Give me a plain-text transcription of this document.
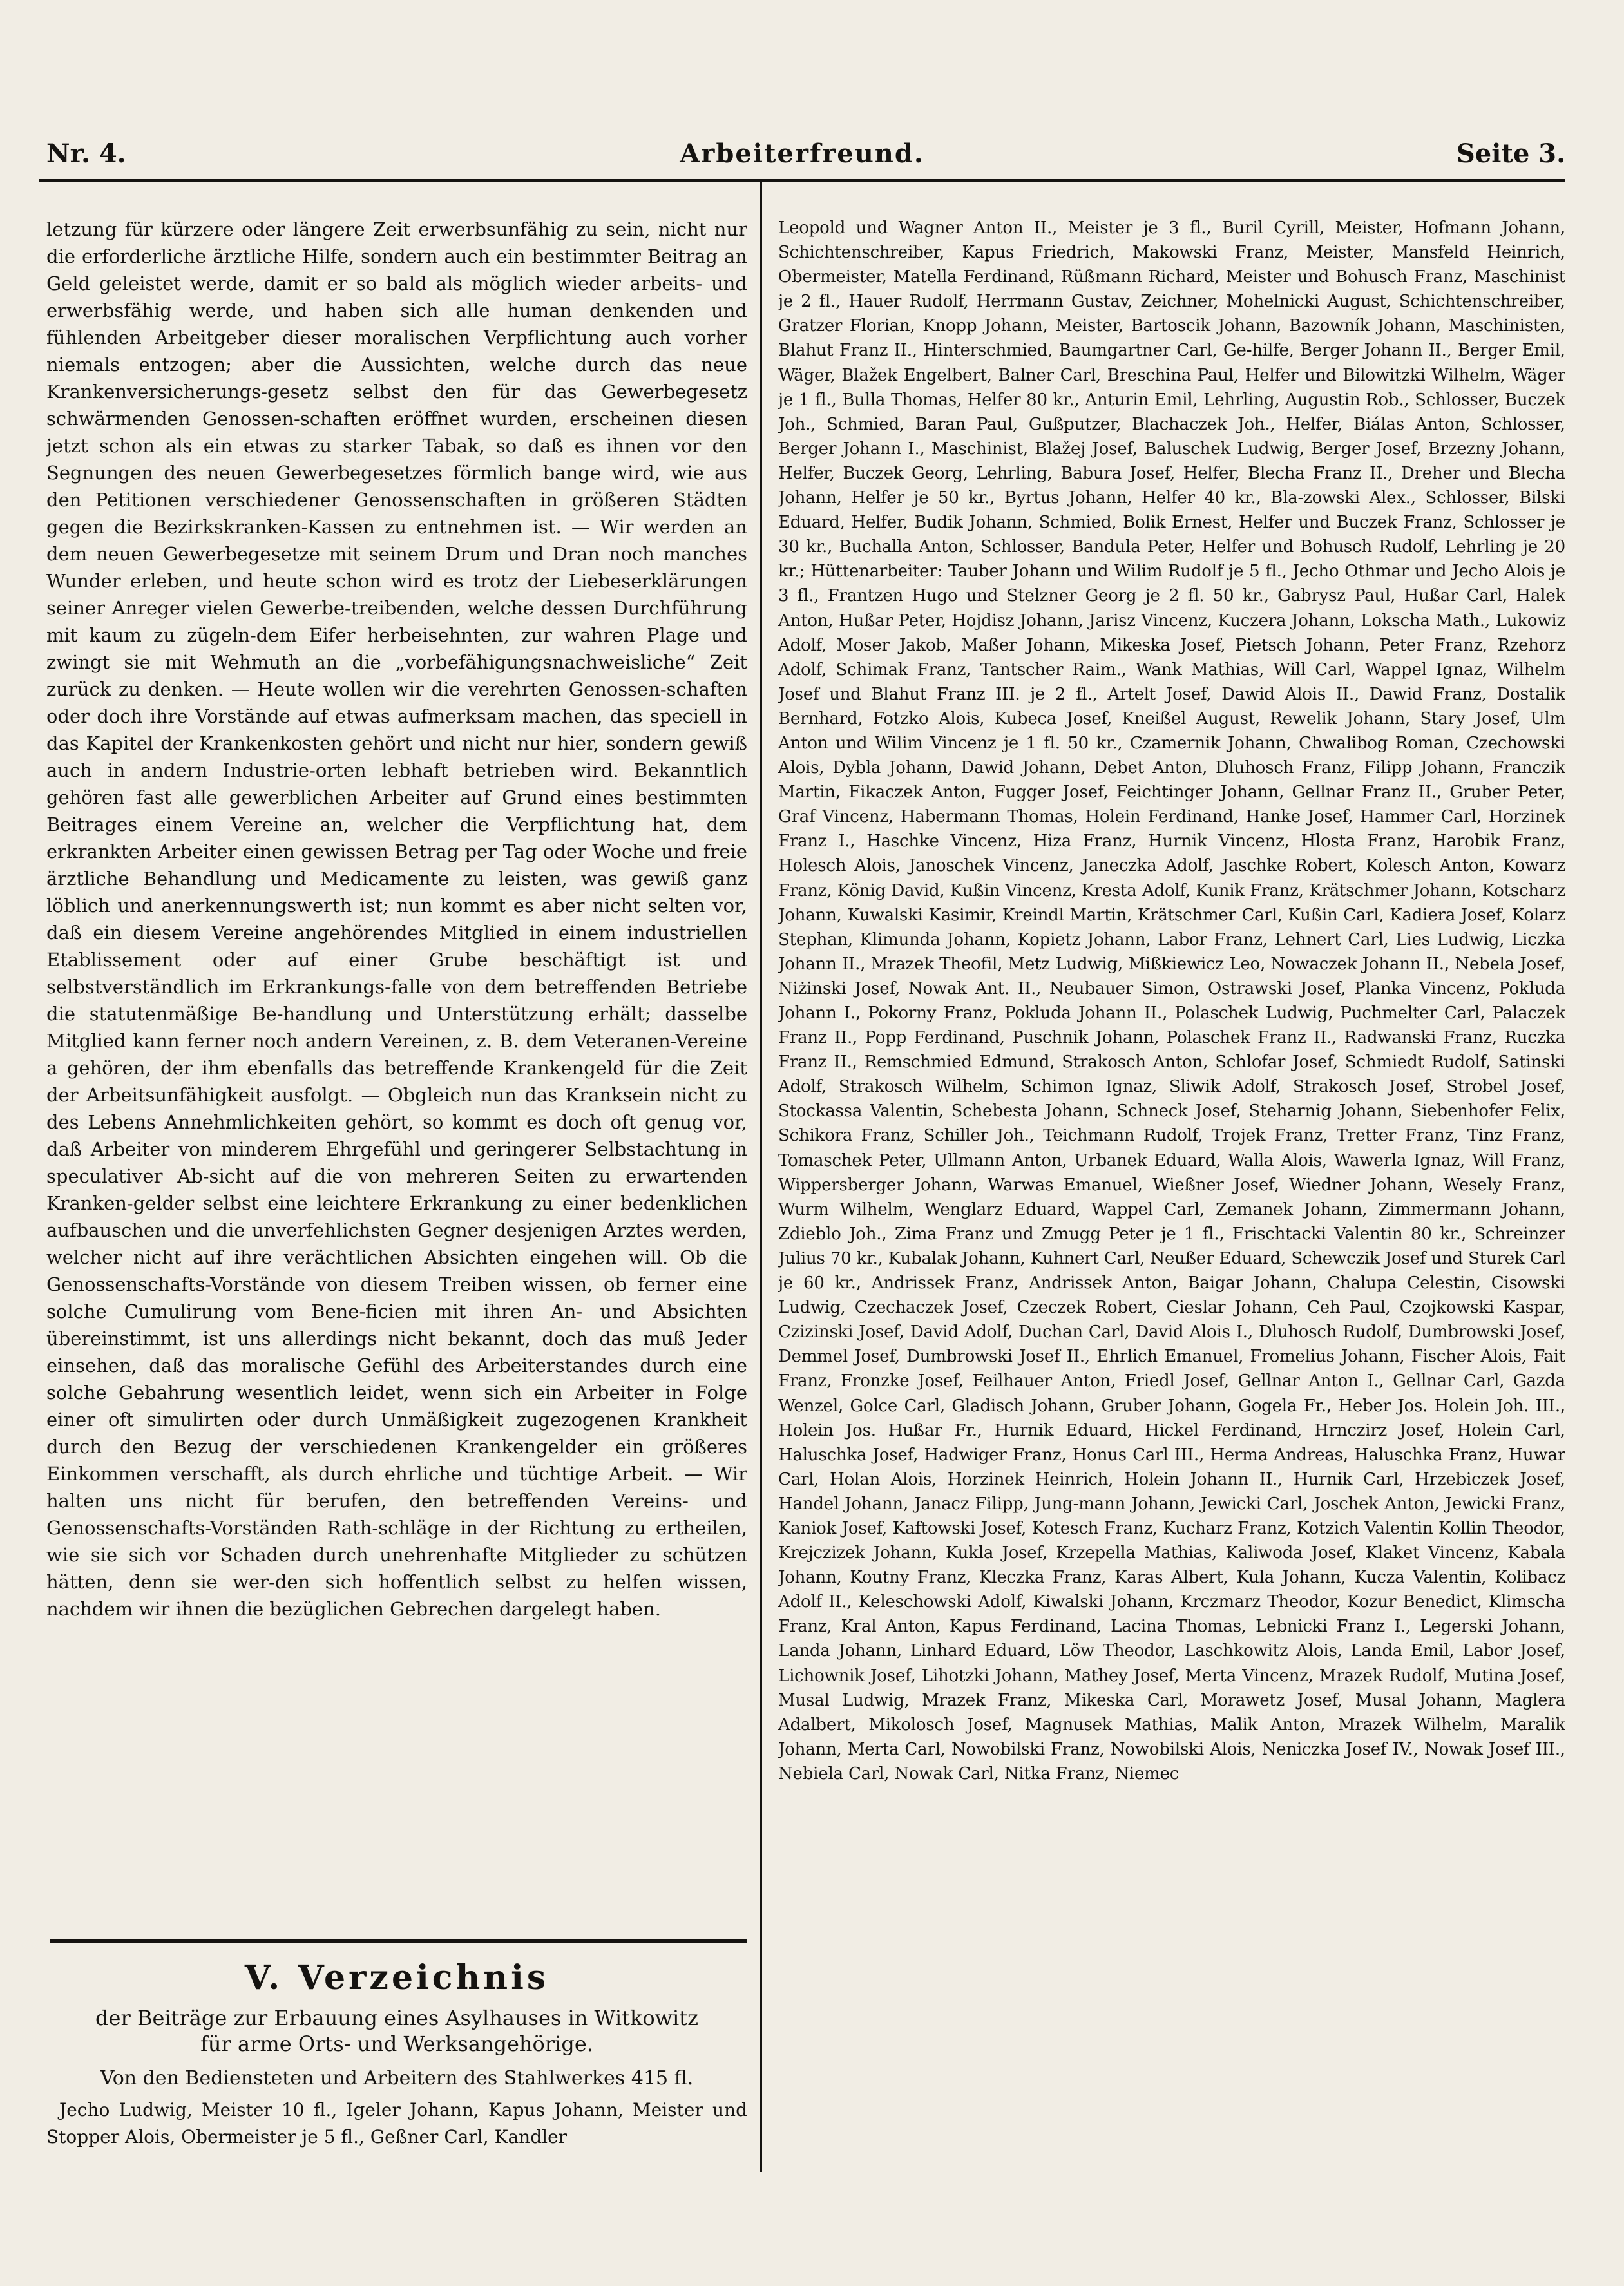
Nr. 4.	Arbeiterfreund.	Seite 3.

letzung für kürzere oder längere Zeit erwerbsunfähig zu sein, nicht nur die erforderliche ärztliche Hilfe, sondern auch ein bestimmter Beitrag an Geld geleistet werde, damit er so bald als möglich wieder arbeits- und erwerbsfähig werde, und haben sich alle human denkenden und fühlenden Arbeitgeber dieser moralischen Verpflichtung auch vorher niemals entzogen; aber die Aussichten, welche durch das neue Krankenversicherungs-gesetz selbst den für das Gewerbegesetz schwärmenden Genossen-schaften eröffnet wurden, erscheinen diesen jetzt schon als ein etwas zu starker Tabak, so daß es ihnen vor den Segnungen des neuen Gewerbegesetzes förmlich bange wird, wie aus den Petitionen verschiedener Genossenschaften in größeren Städten gegen die Bezirkskranken-Kassen zu entnehmen ist. — Wir werden an dem neuen Gewerbegesetze mit seinem Drum und Dran noch manches Wunder erleben, und heute schon wird es trotz der Liebeserklärungen seiner Anreger vielen Gewerbe-treibenden, welche dessen Durchführung mit kaum zu zügeln-dem Eifer herbeisehnten, zur wahren Plage und zwingt sie mit Wehmuth an die „vorbefähigungsnachweisliche“ Zeit zurück zu denken. — Heute wollen wir die verehrten Genossen-schaften oder doch ihre Vorstände auf etwas aufmerksam machen, das speciell in das Kapitel der Krankenkosten gehört und nicht nur hier, sondern gewiß auch in andern Industrie-orten lebhaft betrieben wird. Bekanntlich gehören fast alle gewerblichen Arbeiter auf Grund eines bestimmten Beitrages einem Vereine an, welcher die Verpflichtung hat, dem erkrankten Arbeiter einen gewissen Betrag per Tag oder Woche und freie ärztliche Behandlung und Medicamente zu leisten, was gewiß ganz löblich und anerkennungswerth ist; nun kommt es aber nicht selten vor, daß ein diesem Vereine angehörendes Mitglied in einem industriellen Etablissement oder auf einer Grube beschäftigt ist und selbstverständlich im Erkrankungs-falle von dem betreffenden Betriebe die statutenmäßige Be-handlung und Unterstützung erhält; dasselbe Mitglied kann ferner noch andern Vereinen, z. B. dem Veteranen-Vereine a gehören, der ihm ebenfalls das betreffende Krankengeld für die Zeit der Arbeitsunfähigkeit ausfolgt. — Obgleich nun das Kranksein nicht zu des Lebens Annehmlichkeiten gehört, so kommt es doch oft genug vor, daß Arbeiter von minderem Ehrgefühl und geringerer Selbstachtung in speculativer Ab-sicht auf die von mehreren Seiten zu erwartenden Kranken-gelder selbst eine leichtere Erkrankung zu einer bedenklichen aufbauschen und die unverfehlichsten Gegner desjenigen Arztes werden, welcher nicht auf ihre verächtlichen Absichten eingehen will. Ob die Genossenschafts-Vorstände von diesem Treiben wissen, ob ferner eine solche Cumulirung vom Bene-ficien mit ihren An- und Absichten übereinstimmt, ist uns allerdings nicht bekannt, doch das muß Jeder einsehen, daß das moralische Gefühl des Arbeiterstandes durch eine solche Gebahrung wesentlich leidet, wenn sich ein Arbeiter in Folge einer oft simulirten oder durch Unmäßigkeit zugezogenen Krankheit durch den Bezug der verschiedenen Krankengelder ein größeres Einkommen verschafft, als durch ehrliche und tüchtige Arbeit. — Wir halten uns nicht für berufen, den betreffenden Vereins- und Genossenschafts-Vorständen Rath-schläge in der Richtung zu ertheilen, wie sie sich vor Schaden durch unehrenhafte Mitglieder zu schützen hätten, denn sie wer-den sich hoffentlich selbst zu helfen wissen, nachdem wir ihnen die bezüglichen Gebrechen dargelegt haben.

V. Verzeichnis

der Beiträge zur Erbauung eines Asylhauses in Witkowitz

für arme Orts- und Werksangehörige.

Von den Bediensteten und Arbeitern des Stahlwerkes 415 fl.

Jecho Ludwig, Meister 10 fl., Igeler Johann, Kapus Johann, Meister und Stopper Alois, Obermeister je 5 fl., Geßner Carl, Kandler

Leopold und Wagner Anton II., Meister je 3 fl., Buril Cyrill, Meister, Hofmann Johann, Schichtenschreiber, Kapus Friedrich, Makowski Franz, Meister, Mansfeld Heinrich, Obermeister, Matella Ferdinand, Rüßmann Richard, Meister und Bohusch Franz, Maschinist je 2 fl., Hauer Rudolf, Herrmann Gustav, Zeichner, Mohelnicki August, Schichtenschreiber, Gratzer Florian, Knopp Johann, Meister, Bartoscik Johann, Bazowník Johann, Maschinisten, Blahut Franz II., Hinterschmied, Baumgartner Carl, Ge-hilfe, Berger Johann II., Berger Emil, Wäger, Blažek Engelbert, Balner Carl, Breschina Paul, Helfer und Bilowitzki Wilhelm, Wäger je 1 fl., Bulla Thomas, Helfer 80 kr., Anturin Emil, Lehrling, Augustin Rob., Schlosser, Buczek Joh., Schmied, Baran Paul, Gußputzer, Blachaczek Joh., Helfer, Biálas Anton, Schlosser, Berger Johann I., Maschinist, Blažej Josef, Baluschek Ludwig, Berger Josef, Brzezny Johann, Helfer, Buczek Georg, Lehrling, Babura Josef, Helfer, Blecha Franz II., Dreher und Blecha Johann, Helfer je 50 kr., Byrtus Johann, Helfer 40 kr., Bla-zowski Alex., Schlosser, Bilski Eduard, Helfer, Budik Johann, Schmied, Bolik Ernest, Helfer und Buczek Franz, Schlosser je 30 kr., Buchalla Anton, Schlosser, Bandula Peter, Helfer und Bohusch Rudolf, Lehrling je 20 kr.; Hüttenarbeiter: Tauber Johann und Wilim Rudolf je 5 fl., Jecho Othmar und Jecho Alois je 3 fl., Frantzen Hugo und Stelzner Georg je 2 fl. 50 kr., Gabrysz Paul, Hußar Carl, Halek Anton, Hußar Peter, Hojdisz Johann, Jarisz Vincenz, Kuczera Johann, Lokscha Math., Lukowiz Adolf, Moser Jakob, Maßer Johann, Mikeska Josef, Pietsch Johann, Peter Franz, Rzehorz Adolf, Schimak Franz, Tantscher Raim., Wank Mathias, Will Carl, Wappel Ignaz, Wilhelm Josef und Blahut Franz III. je 2 fl., Artelt Josef, Dawid Alois II., Dawid Franz, Dostalik Bernhard, Fotzko Alois, Kubeca Josef, Kneißel August, Rewelik Johann, Stary Josef, Ulm Anton und Wilim Vincenz je 1 fl. 50 kr., Czamernik Johann, Chwalibog Roman, Czechowski Alois, Dybla Johann, Dawid Johann, Debet Anton, Dluhosch Franz, Filipp Johann, Franczik Martin, Fikaczek Anton, Fugger Josef, Feichtinger Johann, Gellnar Franz II., Gruber Peter, Graf Vincenz, Habermann Thomas, Holein Ferdinand, Hanke Josef, Hammer Carl, Horzinek Franz I., Haschke Vincenz, Hiza Franz, Hurnik Vincenz, Hlosta Franz, Harobik Franz, Holesch Alois, Janoschek Vincenz, Janeczka Adolf, Jaschke Robert, Kolesch Anton, Kowarz Franz, König David, Kußin Vincenz, Kresta Adolf, Kunik Franz, Krätschmer Johann, Kotscharz Johann, Kuwalski Kasimir, Kreindl Martin, Krätschmer Carl, Kußin Carl, Kadiera Josef, Kolarz Stephan, Klimunda Johann, Kopietz Johann, Labor Franz, Lehnert Carl, Lies Ludwig, Liczka Johann II., Mrazek Theofil, Metz Ludwig, Mißkiewicz Leo, Nowaczek Johann II., Nebela Josef, Niżinski Josef, Nowak Ant. II., Neubauer Simon, Ostrawski Josef, Planka Vincenz, Pokluda Johann I., Pokorny Franz, Pokluda Johann II., Polaschek Ludwig, Puchmelter Carl, Palaczek Franz II., Popp Ferdinand, Puschnik Johann, Polaschek Franz II., Radwanski Franz, Ruczka Franz II., Remschmied Edmund, Strakosch Anton, Schlofar Josef, Schmiedt Rudolf, Satinski Adolf, Strakosch Wilhelm, Schimon Ignaz, Sliwik Adolf, Strakosch Josef, Strobel Josef, Stockassa Valentin, Schebesta Johann, Schneck Josef, Steharnig Johann, Siebenhofer Felix, Schikora Franz, Schiller Joh., Teichmann Rudolf, Trojek Franz, Tretter Franz, Tinz Franz, Tomaschek Peter, Ullmann Anton, Urbanek Eduard, Walla Alois, Wawerla Ignaz, Will Franz, Wippersberger Johann, Warwas Emanuel, Wießner Josef, Wiedner Johann, Wesely Franz, Wurm Wilhelm, Wenglarz Eduard, Wappel Carl, Zemanek Johann, Zimmermann Johann, Zdieblo Joh., Zima Franz und Zmugg Peter je 1 fl., Frischtacki Valentin 80 kr., Schreinzer Julius 70 kr., Kubalak Johann, Kuhnert Carl, Neußer Eduard, Schewczik Josef und Sturek Carl je 60 kr., Andrissek Franz, Andrissek Anton, Baigar Johann, Chalupa Celestin, Cisowski Ludwig, Czechaczek Josef, Czeczek Robert, Cieslar Johann, Ceh Paul, Czojkowski Kaspar, Czizinski Josef, David Adolf, Duchan Carl, David Alois I., Dluhosch Rudolf, Dumbrowski Josef, Demmel Josef, Dumbrowski Josef II., Ehrlich Emanuel, Fromelius Johann, Fischer Alois, Fait Franz, Fronzke Josef, Feilhauer Anton, Friedl Josef, Gellnar Anton I., Gellnar Carl, Gazda Wenzel, Golce Carl, Gladisch Johann, Gruber Johann, Gogela Fr., Heber Jos. Holein Joh. III., Holein Jos. Hußar Fr., Hurnik Eduard, Hickel Ferdinand, Hrnczirz Josef, Holein Carl, Haluschka Josef, Hadwiger Franz, Honus Carl III., Herma Andreas, Haluschka Franz, Huwar Carl, Holan Alois, Horzinek Heinrich, Holein Johann II., Hurnik Carl, Hrzebiczek Josef, Handel Johann, Janacz Filipp, Jung-mann Johann, Jewicki Carl, Joschek Anton, Jewicki Franz, Kaniok Josef, Kaftowski Josef, Kotesch Franz, Kucharz Franz, Kotzich Valentin Kollin Theodor, Krejczizek Johann, Kukla Josef, Krzepella Mathias, Kaliwoda Josef, Klaket Vincenz, Kabala Johann, Koutny Franz, Kleczka Franz, Karas Albert, Kula Johann, Kucza Valentin, Kolibacz Adolf II., Keleschowski Adolf, Kiwalski Johann, Krczmarz Theodor, Kozur Benedict, Klimscha Franz, Kral Anton, Kapus Ferdinand, Lacina Thomas, Lebnicki Franz I., Legerski Johann, Landa Johann, Linhard Eduard, Löw Theodor, Laschkowitz Alois, Landa Emil, Labor Josef, Lichownik Josef, Lihotzki Johann, Mathey Josef, Merta Vincenz, Mrazek Rudolf, Mutina Josef, Musal Ludwig, Mrazek Franz, Mikeska Carl, Morawetz Josef, Musal Johann, Maglera Adalbert, Mikolosch Josef, Magnusek Mathias, Malik Anton, Mrazek Wilhelm, Maralik Johann, Merta Carl, Nowobilski Franz, Nowobilski Alois, Neniczka Josef IV., Nowak Josef III., Nebiela Carl, Nowak Carl, Nitka Franz, Niemec
